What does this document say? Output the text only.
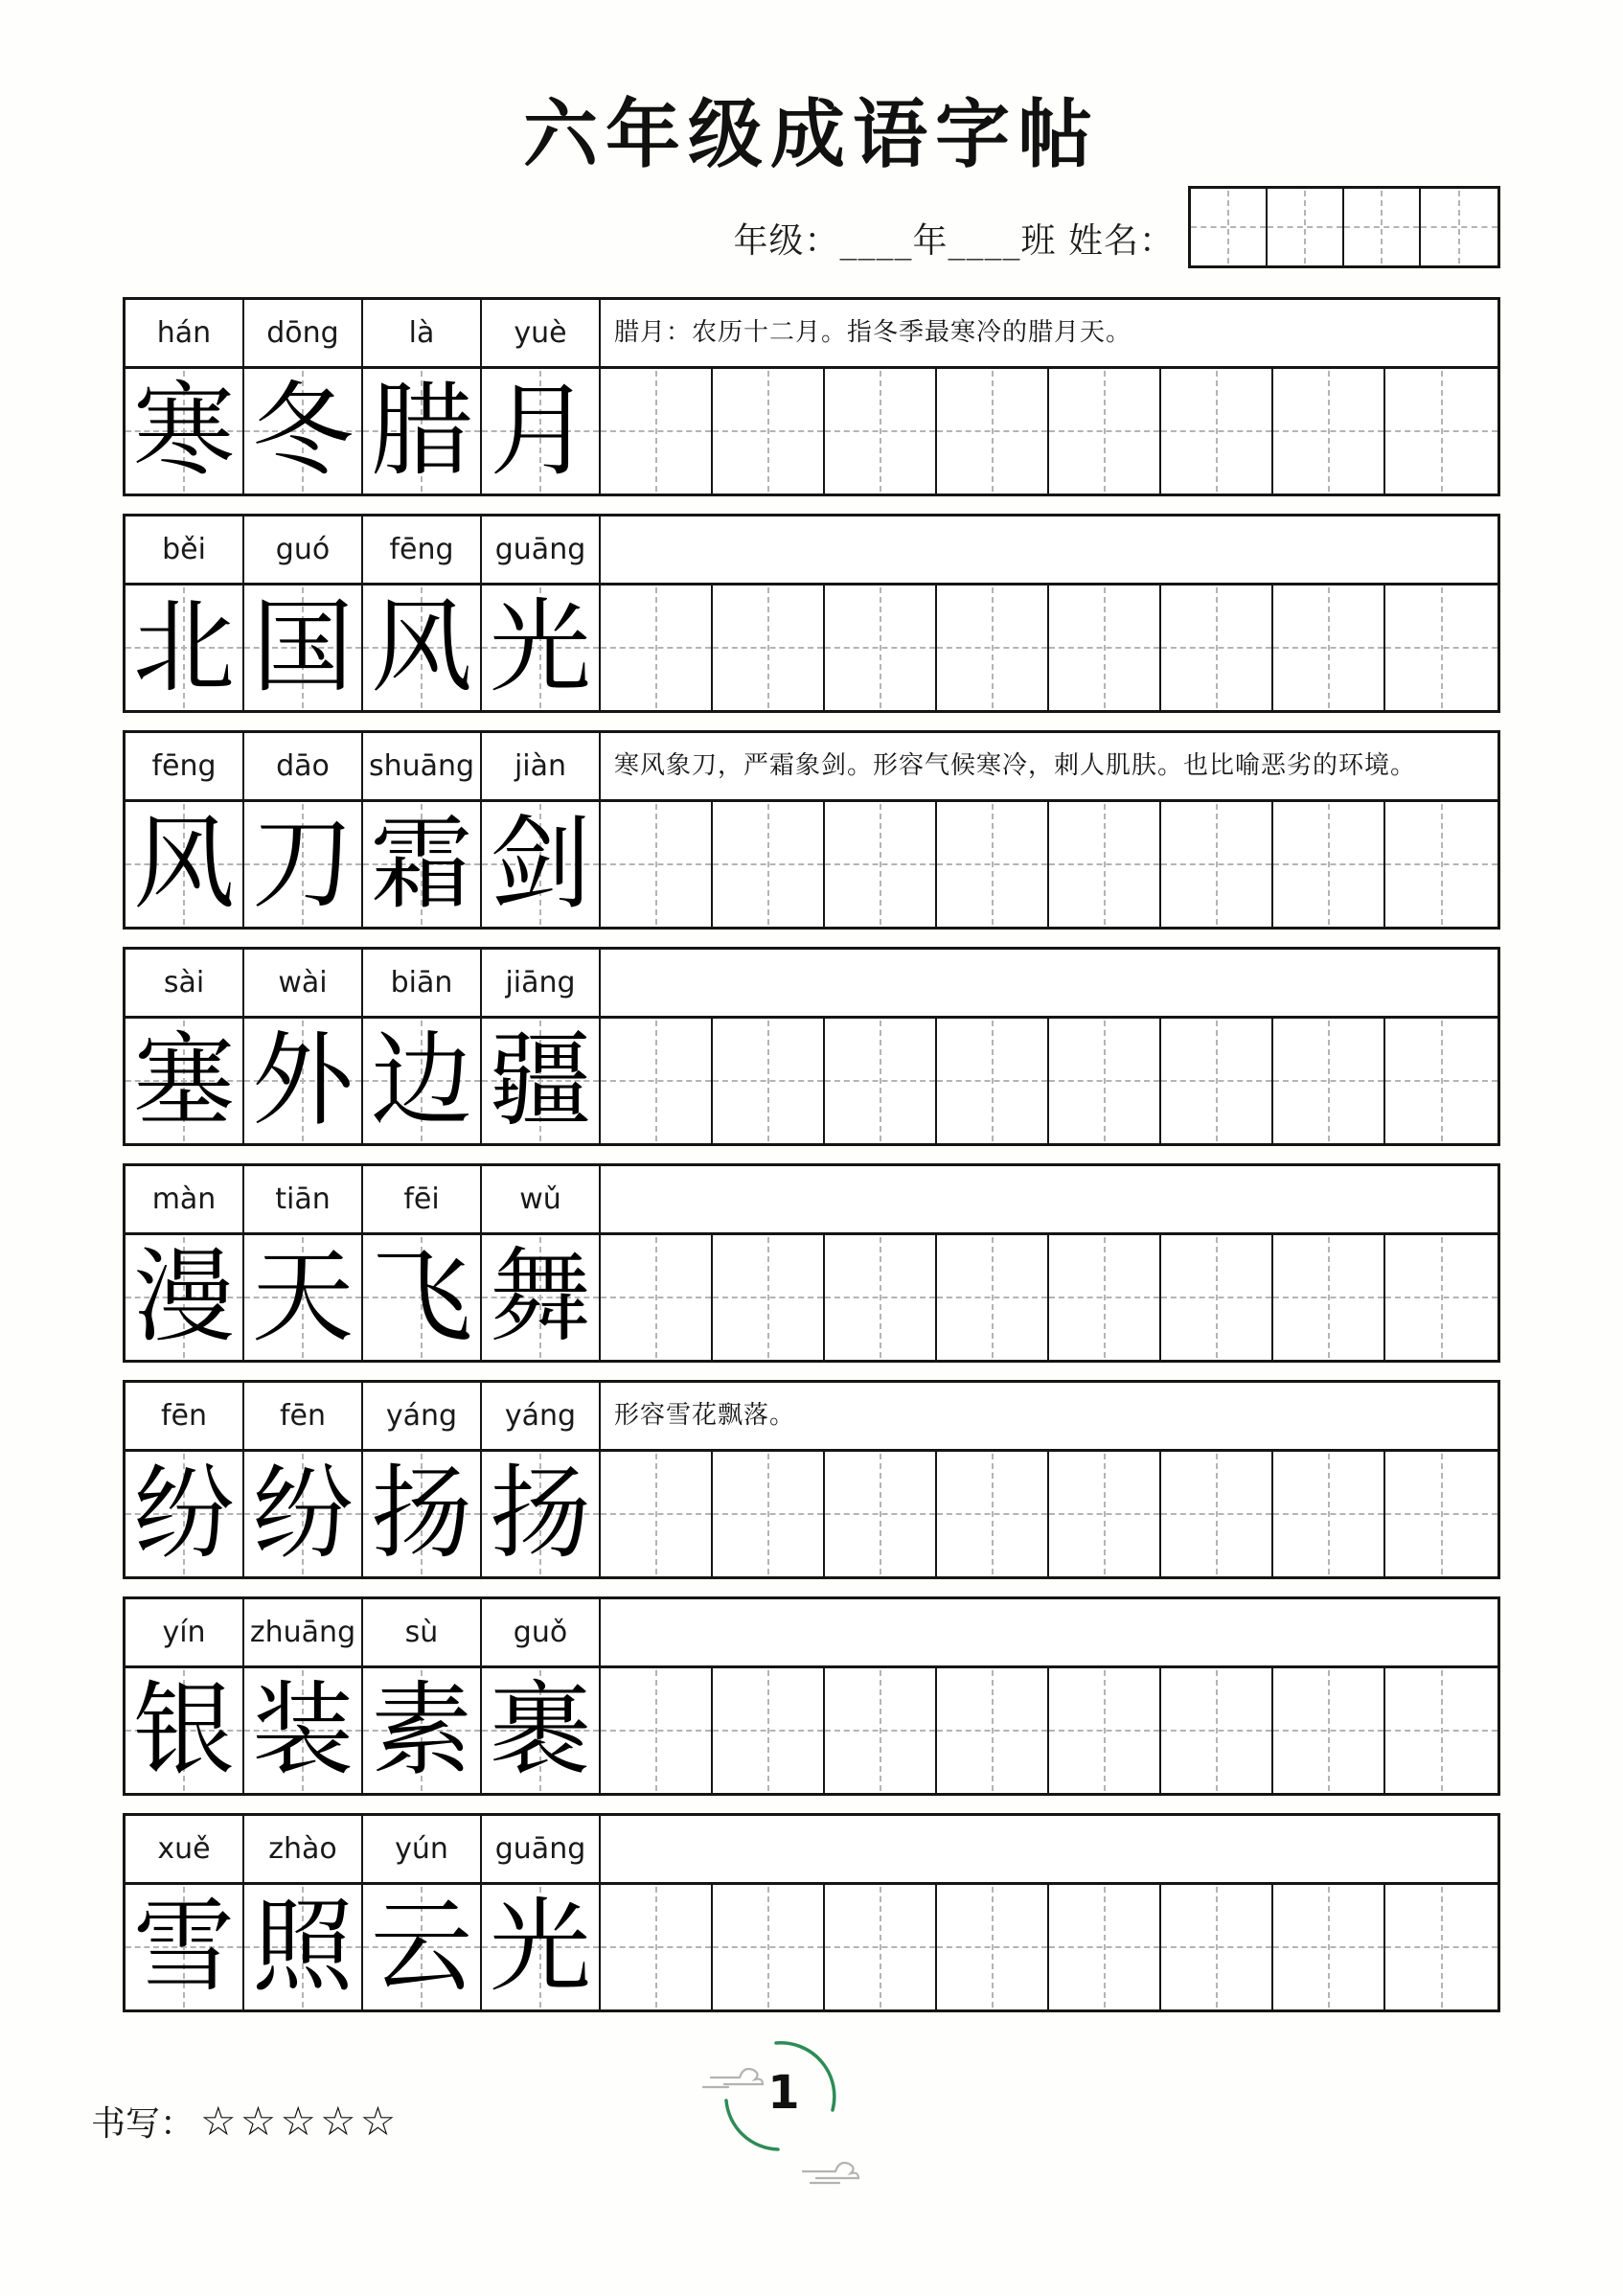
六年级成语字帖
年级：____年____班 姓名：
hán	dōng	là	yuè	腊月：农历十二月。指冬季最寒冷的腊月天。
寒 冬 腊 月
běi	guó	fēng	guāng
北 国 风 光
fēng	dāo	shuāng	jiàn	寒风象刀，严霜象剑。形容气候寒冷，刺人肌肤。也比喻恶劣的环境。
风 刀 霜 剑
sài	wài	biān	jiāng
塞 外 边 疆
màn	tiān	fēi	wǔ
漫 天 飞 舞
fēn	fēn	yáng	yáng	形容雪花飘落。
纷 纷 扬 扬
yín	zhuāng	sù	guǒ
银 装 素 裹
xuě	zhào	yún	guāng
雪 照 云 光
书写： ☆☆☆☆☆
1
